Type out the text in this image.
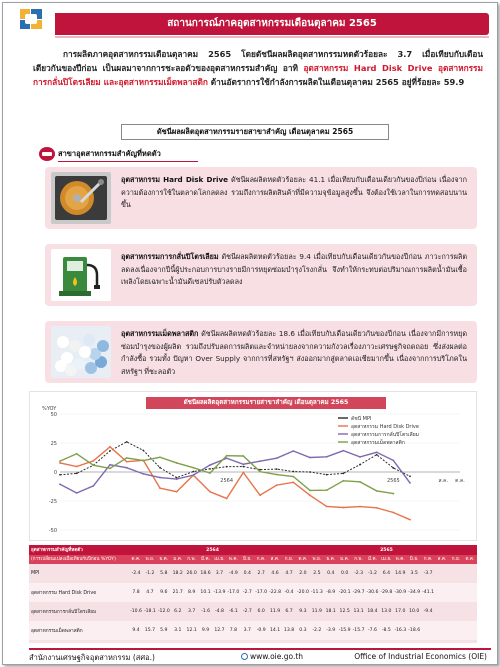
สถานการณ์ภาคอุตสาหกรรมเดือนตุลาคม 2565

การผลิตภาคอุตสาหกรรมเดือนตุลาคม 2565 โดยดัชนีผลผลิตอุตสาหกรรมหดตัวร้อยละ 3.7 เมื่อเทียบกับเดือนเดียวกันของปีก่อน เป็นผลมาจากการชะลอตัวของอุตสาหกรรมสำคัญ อาทิ อุตสาหกรรม Hard Disk Drive อุตสาหกรรมการกลั่นปิโตรเลียม และอุตสาหกรรมเม็ดพลาสติก ด้านอัตราการใช้กำลังการผลิตในเดือนตุลาคม 2565 อยู่ที่ร้อยละ 59.9

ดัชนีผลผลิตอุตสาหกรรมรายสาขาสำคัญ เดือนตุลาคม 2565
สาขาอุตสาหกรรมสำคัญที่หดตัว

อุตสาหกรรม Hard Disk Drive ดัชนีผลผลิตหดตัวร้อยละ 41.1 เมื่อเทียบกับเดือนเดียวกันของปีก่อน เนื่องจากความต้องการใช้ในตลาดโลกลดลง รวมถึงการผลิตสินค้าที่มีความจุข้อมูลสูงขึ้น จึงต้องใช้เวลาในการทดสอบนานขึ้น

อุตสาหกรรมการกลั่นปิโตรเลียม ดัชนีผลผลิตหดตัวร้อยละ 9.4 เมื่อเทียบกับเดือนเดียวกันของปีก่อน ภาวะการผลิตลดลงเนื่องจากปีนี้ผู้ประกอบการบางรายมีการหยุดซ่อมบำรุงโรงกลั่น จึงทำให้กระทบต่อปริมาณการผลิตน้ำมันเชื้อเพลิงโดยเฉพาะน้ำมันดีเซลปรับตัวลดลง

อุตสาหกรรมเม็ดพลาสติก ดัชนีผลผลิตหดตัวร้อยละ 18.6 เมื่อเทียบกับเดือนเดียวกันของปีก่อน เนื่องจากมีการหยุดซ่อมบำรุงของผู้ผลิต รวมถึงปรับลดการผลิตและจำหน่ายลงจากความกังวลเรื่องภาวะเศรษฐกิจถดถอย ซึ่งส่งผลต่อกำลังซื้อ รวมทั้ง ปัญหา Over Supply จากการที่สหรัฐฯ ส่งออกมากสู่ตลาดเอเชียมากขึ้น เนื่องจากการบริโภคในสหรัฐฯ ที่ชะลอตัว

-50
-25
0
25
50
%YOY
2564	2565	ส.ค. ต.ค.
ดัชนี MPI
อุตสาหกรรม Hard Disk Drive
อุตสาหกรรมการกลั่นปิโตรเลียม
อุตสาหกรรมเม็ดพลาสติก
ดัชนีผลผลิตอุตสาหกรรมรายสาขาสำคัญ เดือนตุลาคม 2565
อุตสาหกรรมสำคัญที่หดตัว	2564												2565												
(การเปลี่ยนแปลงเมื่อเทียบกับปีก่อน %YOY)	ต.ค.	พ.ย.	ธ.ค.	ม.ค.	ก.พ.	มี.ค.	เม.ย.	พ.ค.	มิ.ย.	ก.ค.	ส.ค.	ก.ย.	ต.ค.	พ.ย.	ธ.ค.	ม.ค.	ก.พ.	มี.ค.	เม.ย.	พ.ค.	มิ.ย.	ก.ค.	ส.ค.	ก.ย.	ต.ค.
MPI	-2.4	-1.2	5.8	18.2	26.0	18.6	3.7	-4.9	0.4	2.7	4.6	4.7	2.0	2.5	0.4	0.0	-2.3	-1.2	6.4	14.9	3.5	-3.7			
อุตสาหกรรม Hard Disk Drive	7.8	4.7	9.6	21.7	8.9	10.1	-13.9	-17.0	-2.7	-17.0	-22.8	-0.4	-20.0	-11.3	-8.9	-20.1	-29.7	-30.6	-29.8	-30.9	-34.9	-41.1			
อุตสาหกรรมการกลั่นปิโตรเลียม	-10.6	-18.1	-12.0	6.2	3.7	-1.6	-4.8	-6.1	-2.7	6.0	11.9	6.7	9.3	11.9	18.1	12.5	13.1	18.4	13.0	17.0	10.0	-9.4			
อุตสาหกรรมเม็ดพลาสติก	9.4	15.7	5.9	3.1	12.1	9.9	12.7	7.8	3.7	-0.9	14.1	13.8	0.3	-2.2	-3.9	-15.9	-15.7	-7.6	-8.5	-16.3	-18.6				
สำนักงานเศรษฐกิจอุตสาหกรรม (สศอ.)	www.oie.go.th	Office of Industrial Economics (OIE)
